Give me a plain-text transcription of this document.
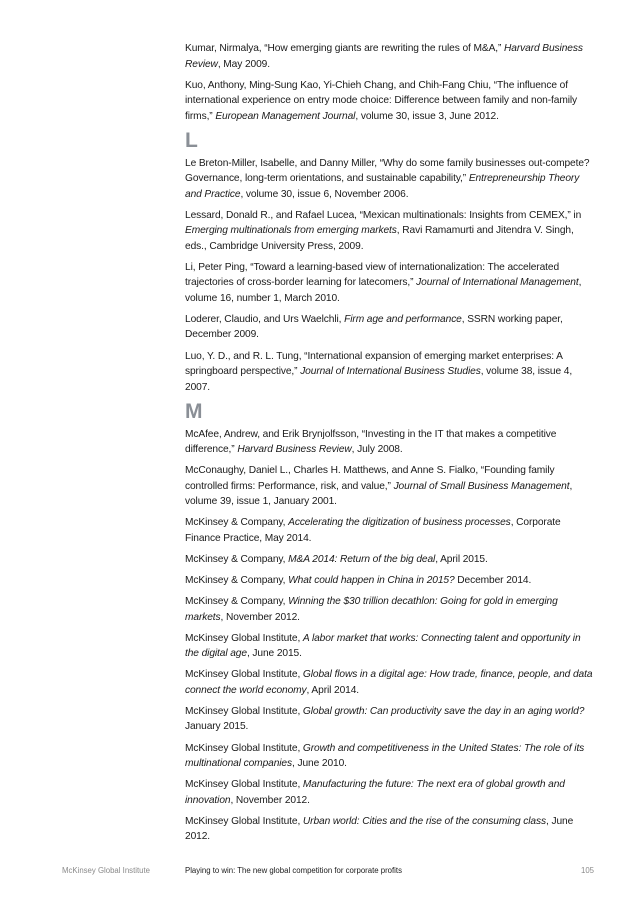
Kumar, Nirmalya, “How emerging giants are rewriting the rules of M&A,” Harvard Business Review, May 2009.

Kuo, Anthony, Ming-Sung Kao, Yi-Chieh Chang, and Chih-Fang Chiu, “The influence of international experience on entry mode choice: Difference between family and non-family firms,” European Management Journal, volume 30, issue 3, June 2012.

L

Le Breton-Miller, Isabelle, and Danny Miller, “Why do some family businesses out-compete? Governance, long-term orientations, and sustainable capability,” Entrepreneurship Theory and Practice, volume 30, issue 6, November 2006.

Lessard, Donald R., and Rafael Lucea, “Mexican multinationals: Insights from CEMEX,” in Emerging multinationals from emerging markets, Ravi Ramamurti and Jitendra V. Singh, eds., Cambridge University Press, 2009.

Li, Peter Ping, “Toward a learning-based view of internationalization: The accelerated trajectories of cross-border learning for latecomers,” Journal of International Management, volume 16, number 1, March 2010.

Loderer, Claudio, and Urs Waelchli, Firm age and performance, SSRN working paper, December 2009.

Luo, Y. D., and R. L. Tung, “International expansion of emerging market enterprises: A springboard perspective,” Journal of International Business Studies, volume 38, issue 4, 2007.

M

McAfee, Andrew, and Erik Brynjolfsson, “Investing in the IT that makes a competitive difference,” Harvard Business Review, July 2008.

McConaughy, Daniel L., Charles H. Matthews, and Anne S. Fialko, “Founding family controlled firms: Performance, risk, and value,” Journal of Small Business Management, volume 39, issue 1, January 2001.

McKinsey & Company, Accelerating the digitization of business processes, Corporate Finance Practice, May 2014.

McKinsey & Company, M&A 2014: Return of the big deal, April 2015.

McKinsey & Company, What could happen in China in 2015? December 2014.

McKinsey & Company, Winning the $30 trillion decathlon: Going for gold in emerging markets, November 2012.

McKinsey Global Institute, A labor market that works: Connecting talent and opportunity in the digital age, June 2015.

McKinsey Global Institute, Global flows in a digital age: How trade, finance, people, and data connect the world economy, April 2014.

McKinsey Global Institute, Global growth: Can productivity save the day in an aging world? January 2015.

McKinsey Global Institute, Growth and competitiveness in the United States: The role of its multinational companies, June 2010.

McKinsey Global Institute, Manufacturing the future: The next era of global growth and innovation, November 2012.

McKinsey Global Institute, Urban world: Cities and the rise of the consuming class, June 2012.

McKinsey Global Institute	Playing to win: The new global competition for corporate profits	105
